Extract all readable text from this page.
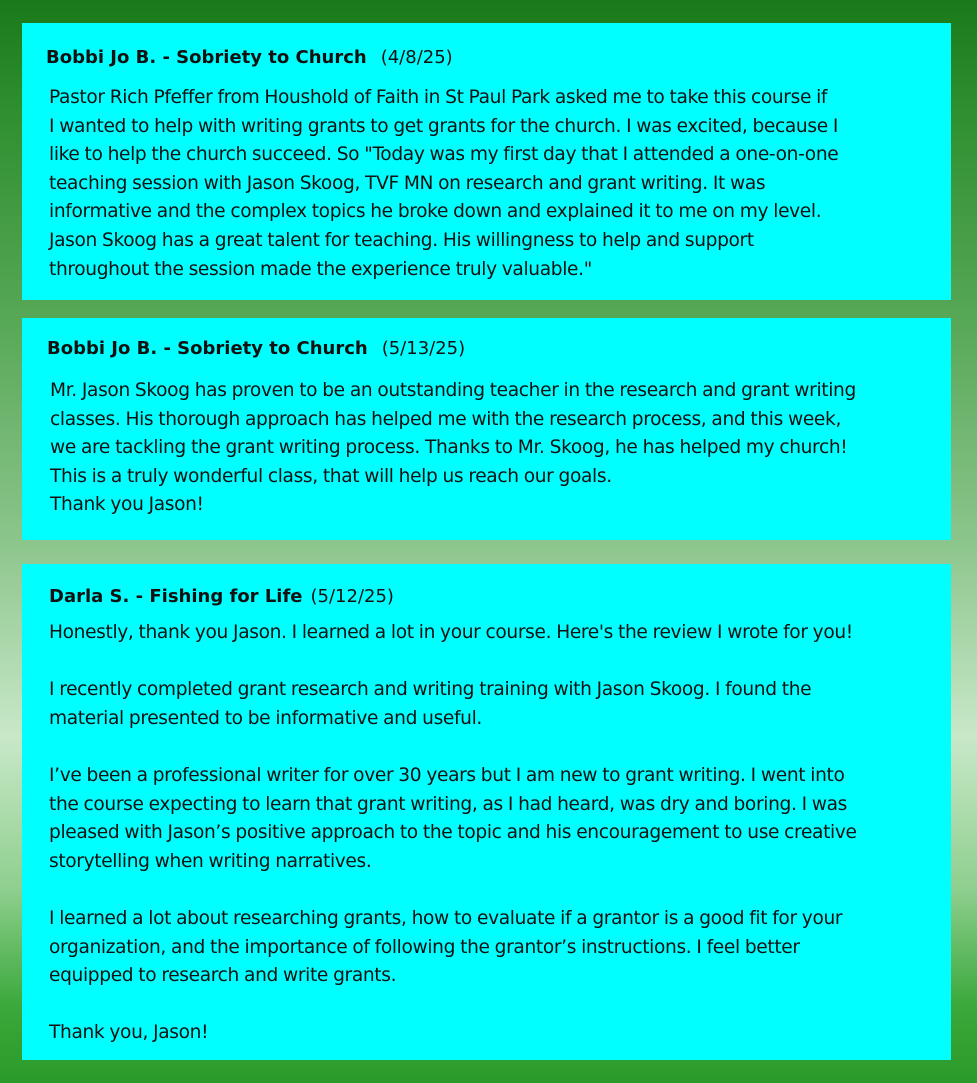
Bobbi Jo B. - Sobriety to Church (4/8/25)
Pastor Rich Pfeffer from Houshold of Faith in St Paul Park asked me to take this course if
I wanted to help with writing grants to get grants for the church. I was excited, because I
like to help the church succeed. So "Today was my first day that I attended a one-on-one
teaching session with Jason Skoog, TVF MN on research and grant writing. It was
informative and the complex topics he broke down and explained it to me on my level.
Jason Skoog has a great talent for teaching. His willingness to help and support
throughout the session made the experience truly valuable."
Bobbi Jo B. - Sobriety to Church (5/13/25)
Mr. Jason Skoog has proven to be an outstanding teacher in the research and grant writing
classes. His thorough approach has helped me with the research process, and this week,
we are tackling the grant writing process. Thanks to Mr. Skoog, he has helped my church!
This is a truly wonderful class, that will help us reach our goals.
Thank you Jason!
Darla S. - Fishing for Life (5/12/25)
Honestly, thank you Jason. I learned a lot in your course. Here's the review I wrote for you!

I recently completed grant research and writing training with Jason Skoog. I found the
material presented to be informative and useful.

I’ve been a professional writer for over 30 years but I am new to grant writing. I went into
the course expecting to learn that grant writing, as I had heard, was dry and boring. I was
pleased with Jason’s positive approach to the topic and his encouragement to use creative
storytelling when writing narratives.

I learned a lot about researching grants, how to evaluate if a grantor is a good fit for your
organization, and the importance of following the grantor’s instructions. I feel better
equipped to research and write grants.

Thank you, Jason!
